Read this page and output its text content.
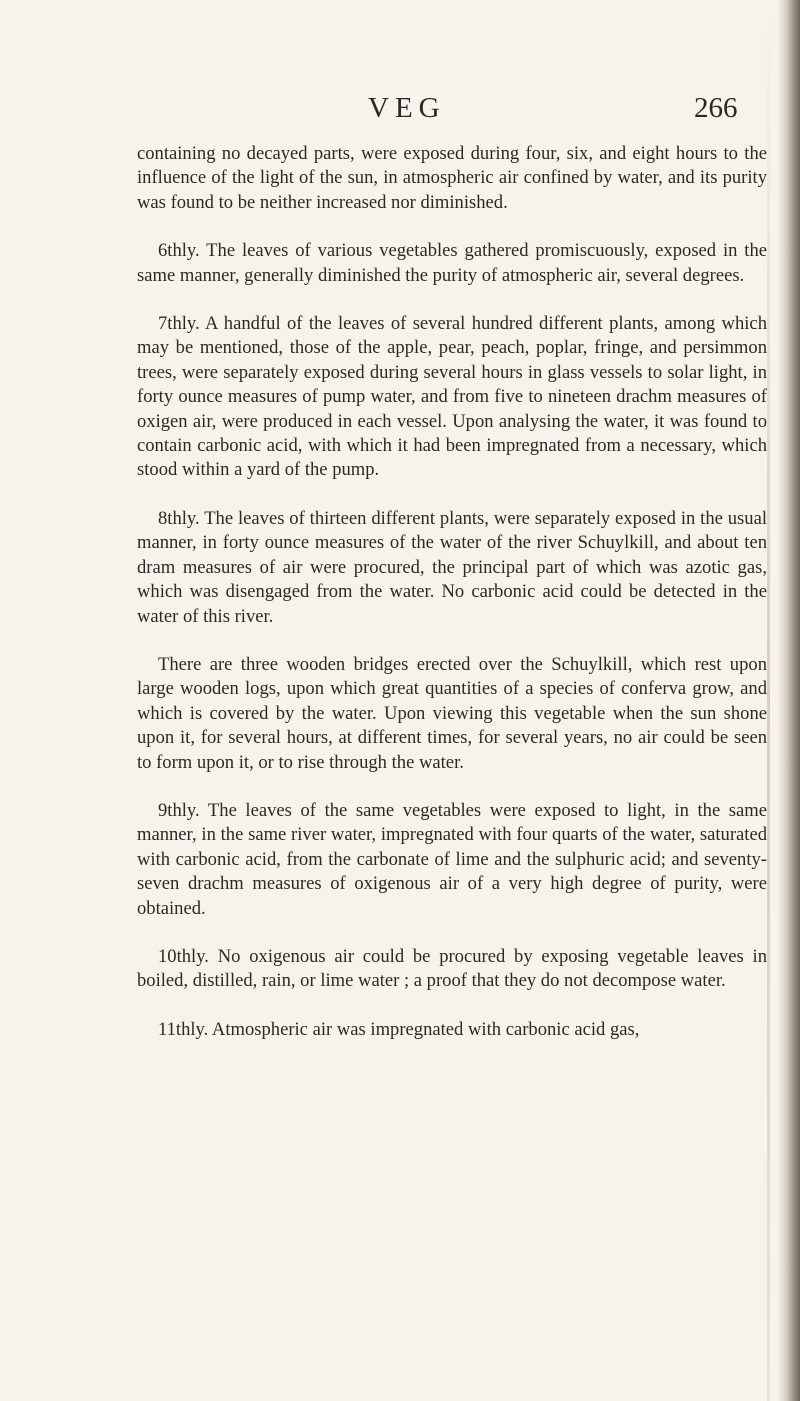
VEG	266

containing no decayed parts, were exposed during four, six, and eight hours to the influence of the light of the sun, in atmospheric air confined by water, and its purity was found to be neither increased nor diminished.

6thly. The leaves of various vegetables gathered promiscuously, exposed in the same manner, generally diminished the purity of atmospheric air, several degrees.

7thly. A handful of the leaves of several hundred different plants, among which may be mentioned, those of the apple, pear, peach, poplar, fringe, and persimmon trees, were separately exposed during several hours in glass vessels to solar light, in forty ounce measures of pump water, and from five to nineteen drachm measures of oxigen air, were produced in each vessel. Upon analysing the water, it was found to contain carbonic acid, with which it had been impregnated from a necessary, which stood within a yard of the pump.

8thly. The leaves of thirteen different plants, were separately exposed in the usual manner, in forty ounce measures of the water of the river Schuylkill, and about ten dram measures of air were procured, the principal part of which was azotic gas, which was disengaged from the water. No carbonic acid could be detected in the water of this river.

There are three wooden bridges erected over the Schuylkill, which rest upon large wooden logs, upon which great quantities of a species of conferva grow, and which is covered by the water. Upon viewing this vegetable when the sun shone upon it, for several hours, at different times, for several years, no air could be seen to form upon it, or to rise through the water.

9thly. The leaves of the same vegetables were exposed to light, in the same manner, in the same river water, impregnated with four quarts of the water, saturated with carbonic acid, from the carbonate of lime and the sulphuric acid; and seventy-seven drachm measures of oxigenous air of a very high degree of purity, were obtained.

10thly. No oxigenous air could be procured by exposing vegetable leaves in boiled, distilled, rain, or lime water ; a proof that they do not decompose water.

11thly. Atmospheric air was impregnated with carbonic acid gas,
